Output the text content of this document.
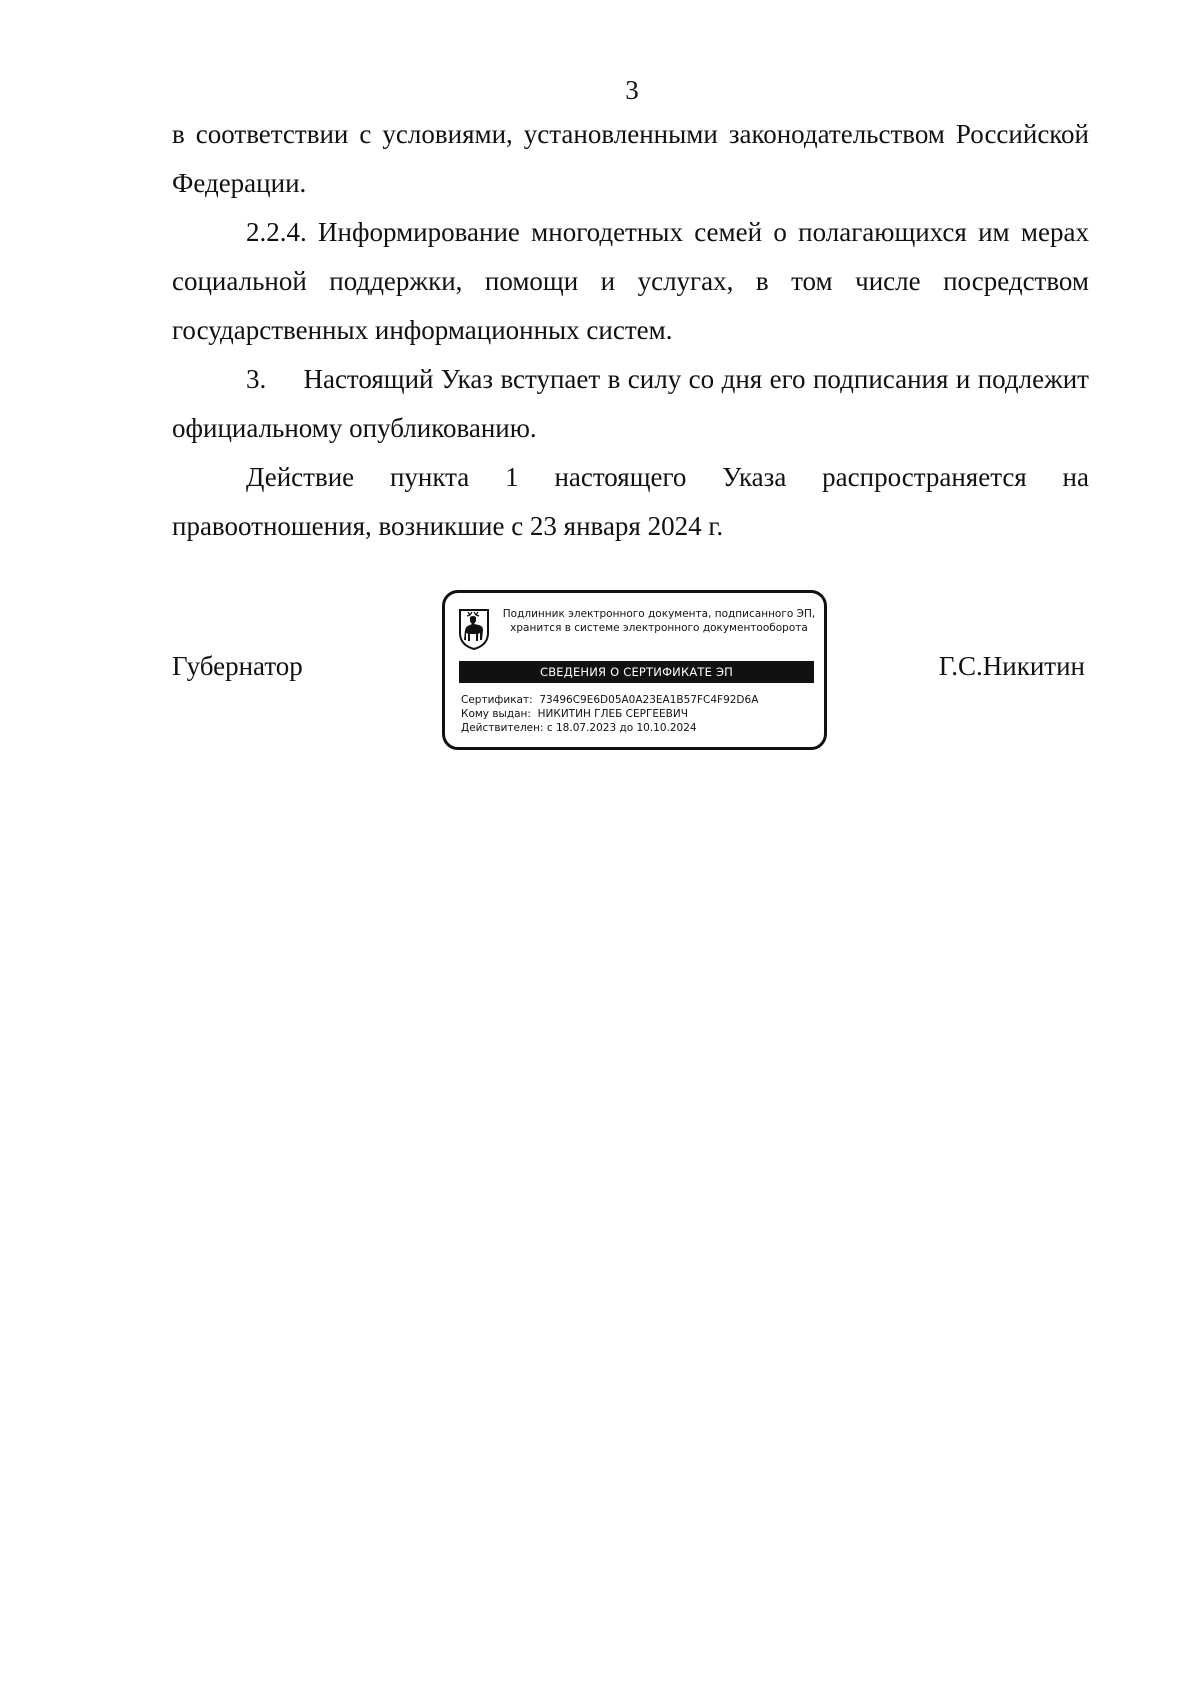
3

в соответствии с условиями, установленными законодательством Российской Федерации.

2.2.4. Информирование многодетных семей о полагающихся им мерах социальной поддержки, помощи и услугах, в том числе посредством государственных информационных систем.

3.     Настоящий Указ вступает в силу со дня его подписания и подлежит официальному опубликованию.

Действие пункта 1 настоящего Указа распространяется на правоотношения, возникшие с 23 января 2024 г.

Губернатор
Подлинник электронного документа, подписанного ЭП,
хранится в системе электронного документооборота
СВЕДЕНИЯ О СЕРТИФИКАТЕ ЭП
Сертификат: 73496C9E6D05A0A23EA1B57FC4F92D6A
Кому выдан: НИКИТИН ГЛЕБ СЕРГЕЕВИЧ
Действителен: с 18.07.2023 до 10.10.2024
Г.С.Никитин
